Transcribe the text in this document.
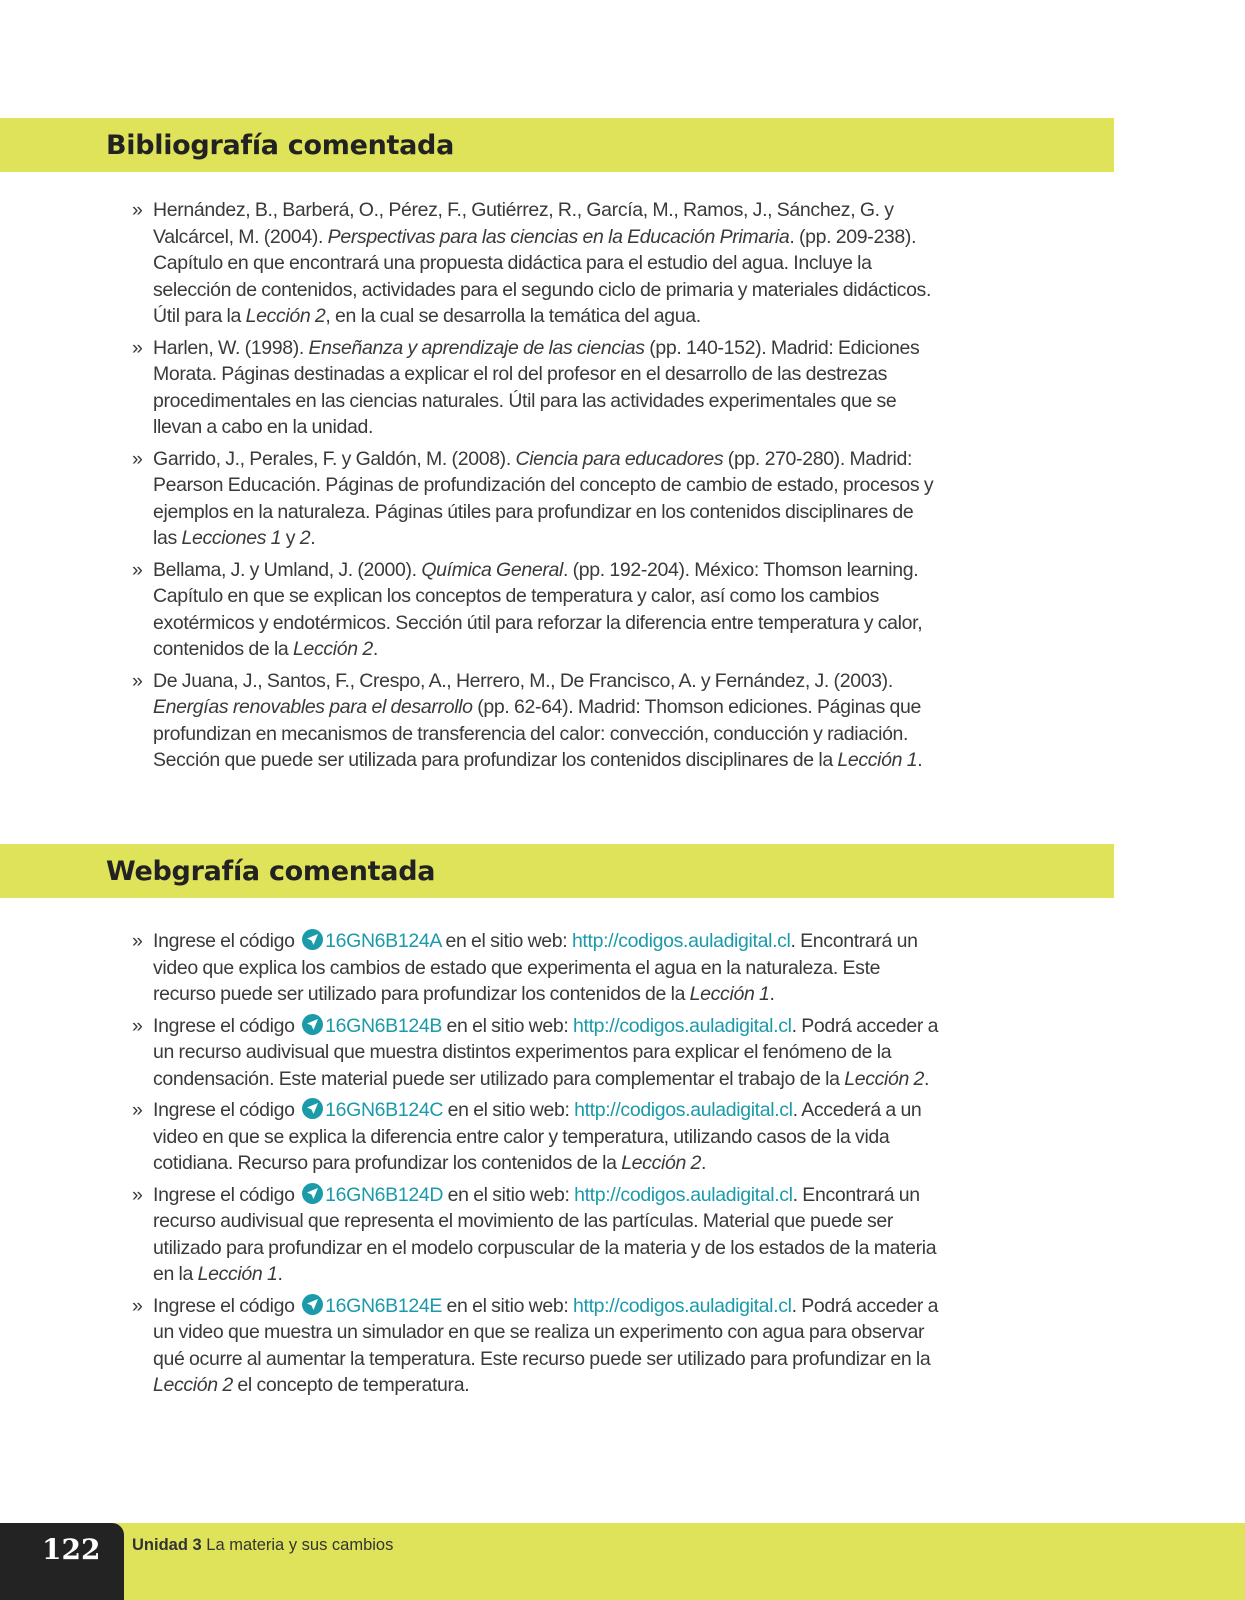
Bibliografía comentada
» Hernández, B., Barberá, O., Pérez, F., Gutiérrez, R., García, M., Ramos, J., Sánchez, G. y Valcárcel, M. (2004). Perspectivas para las ciencias en la Educación Primaria. (pp. 209-238). Capítulo en que encontrará una propuesta didáctica para el estudio del agua. Incluye la selección de contenidos, actividades para el segundo ciclo de primaria y materiales didácticos. Útil para la Lección 2, en la cual se desarrolla la temática del agua.
» Harlen, W. (1998). Enseñanza y aprendizaje de las ciencias (pp. 140-152). Madrid: Ediciones Morata. Páginas destinadas a explicar el rol del profesor en el desarrollo de las destrezas procedimentales en las ciencias naturales. Útil para las actividades experimentales que se llevan a cabo en la unidad.
» Garrido, J., Perales, F. y Galdón, M. (2008). Ciencia para educadores (pp. 270-280). Madrid: Pearson Educación. Páginas de profundización del concepto de cambio de estado, procesos y ejemplos en la naturaleza. Páginas útiles para profundizar en los contenidos disciplinares de las Lecciones 1 y 2.
» Bellama, J. y Umland, J. (2000). Química General. (pp. 192-204). México: Thomson learning. Capítulo en que se explican los conceptos de temperatura y calor, así como los cambios exotérmicos y endotérmicos. Sección útil para reforzar la diferencia entre temperatura y calor, contenidos de la Lección 2.
» De Juana, J., Santos, F., Crespo, A., Herrero, M., De Francisco, A. y Fernández, J. (2003). Energías renovables para el desarrollo (pp. 62-64). Madrid: Thomson ediciones. Páginas que profundizan en mecanismos de transferencia del calor: convección, conducción y radiación. Sección que puede ser utilizada para profundizar los contenidos disciplinares de la Lección 1.
Webgrafía comentada
» Ingrese el código
16GN6B124A en el sitio web: http://codigos.auladigital.cl. Encontrará un video que explica los cambios de estado que experimenta el agua en la naturaleza. Este recurso puede ser utilizado para profundizar los contenidos de la Lección 1.
» Ingrese el código
16GN6B124B en el sitio web: http://codigos.auladigital.cl. Podrá acceder a un recurso audivisual que muestra distintos experimentos para explicar el fenómeno de la condensación. Este material puede ser utilizado para complementar el trabajo de la Lección 2.
» Ingrese el código
16GN6B124C en el sitio web: http://codigos.auladigital.cl. Accederá a un video en que se explica la diferencia entre calor y temperatura, utilizando casos de la vida cotidiana. Recurso para profundizar los contenidos de la Lección 2.
» Ingrese el código
16GN6B124D en el sitio web: http://codigos.auladigital.cl. Encontrará un recurso audivisual que representa el movimiento de las partículas. Material que puede ser utilizado para profundizar en el modelo corpuscular de la materia y de los estados de la materia en la Lección 1.
» Ingrese el código
16GN6B124E en el sitio web: http://codigos.auladigital.cl. Podrá acceder a un video que muestra un simulador en que se realiza un experimento con agua para observar qué ocurre al aumentar la temperatura. Este recurso puede ser utilizado para profundizar en la Lección 2 el concepto de temperatura.
122 Unidad 3 La materia y sus cambios
